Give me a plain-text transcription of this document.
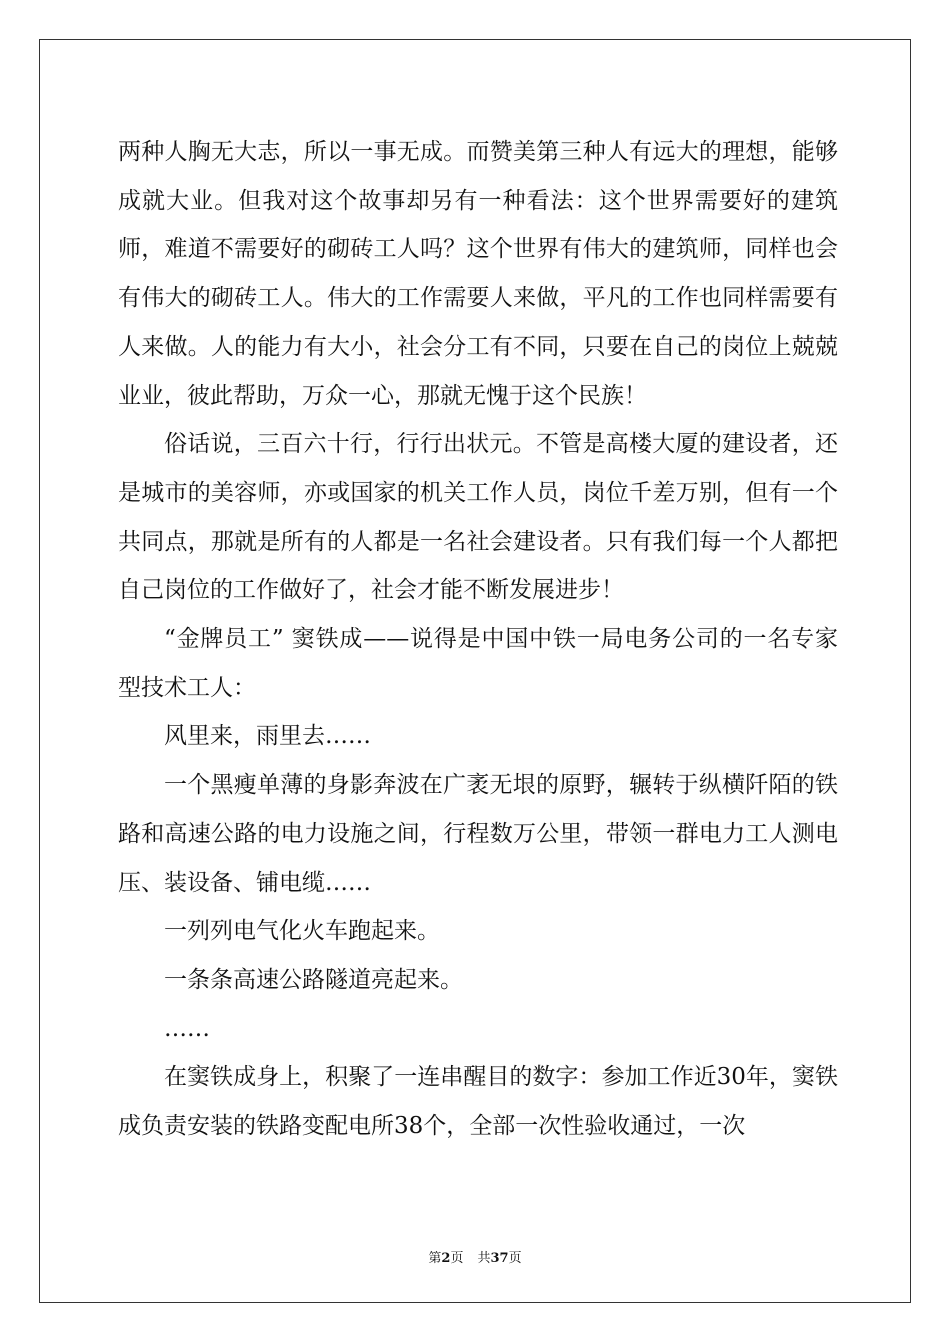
两种人胸无大志，所以一事无成。而赞美第三种人有远大的理想，能够成就大业。但我对这个故事却另有一种看法：这个世界需要好的建筑师，难道不需要好的砌砖工人吗？这个世界有伟大的建筑师，同样也会有伟大的砌砖工人。伟大的工作需要人来做，平凡的工作也同样需要有人来做。人的能力有大小，社会分工有不同，只要在自己的岗位上兢兢业业，彼此帮助，万众一心，那就无愧于这个民族！

俗话说，三百六十行，行行出状元。不管是高楼大厦的建设者，还是城市的美容师，亦或国家的机关工作人员，岗位千差万别，但有一个共同点，那就是所有的人都是一名社会建设者。只有我们每一个人都把自己岗位的工作做好了，社会才能不断发展进步！

“金牌员工” 窦铁成——说得是中国中铁一局电务公司的一名专家型技术工人：

风里来，雨里去……

一个黑瘦单薄的身影奔波在广袤无垠的原野，辗转于纵横阡陌的铁路和高速公路的电力设施之间，行程数万公里，带领一群电力工人测电压、装设备、铺电缆……

一列列电气化火车跑起来。

一条条高速公路隧道亮起来。

……

在窦铁成身上，积聚了一连串醒目的数字：参加工作近30年，窦铁成负责安装的铁路变配电所38个，全部一次性验收通过，一次

第2页 共37页
